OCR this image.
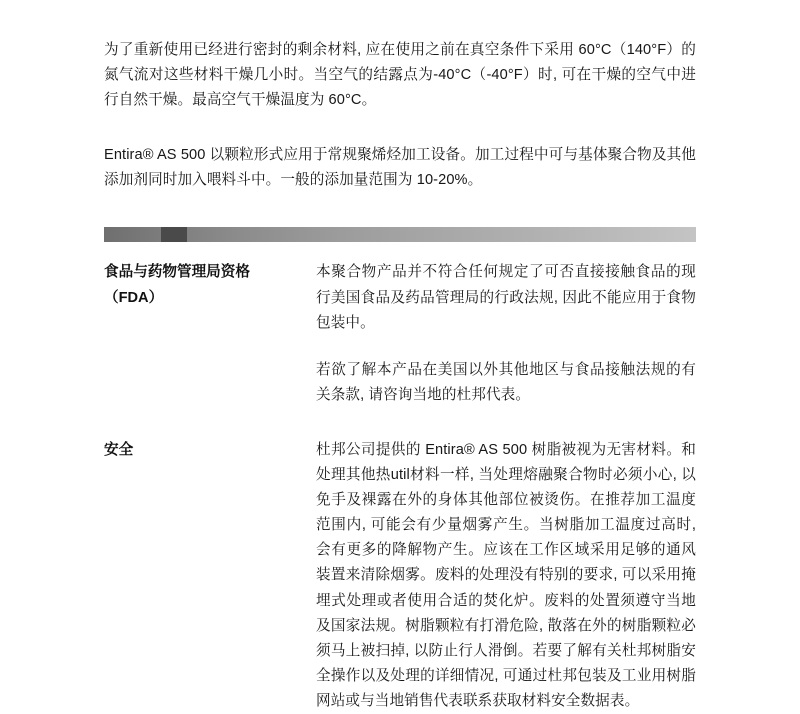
为了重新使用已经进行密封的剩余材料, 应在使用之前在真空条件下采用 60°C（140°F）的氮气流对这些材料干燥几小时。当空气的结露点为-40°C（-40°F）时, 可在干燥的空气中进行自然干燥。最高空气干燥温度为 60°C。

Entira® AS 500 以颗粒形式应用于常规聚烯烃加工设备。加工过程中可与基体聚合物及其他添加剂同时加入喂料斗中。一般的添加量范围为 10-20%。

食品与药物管理局资格
（FDA）

本聚合物产品并不符合任何规定了可否直接接触食品的现行美国食品及药品管理局的行政法规, 因此不能应用于食物包装中。

若欲了解本产品在美国以外其他地区与食品接触法规的有关条款, 请咨询当地的杜邦代表。

安全	杜邦公司提供的 Entira® AS 500 树脂被视为无害材料。和处理其他热util材料一样, 当处理熔融聚合物时必须小心, 以免手及裸露在外的身体其他部位被烫伤。在推荐加工温度范围内, 可能会有少量烟雾产生。当树脂加工温度过高时, 会有更多的降解物产生。应该在工作区域采用足够的通风装置来清除烟雾。废料的处理没有特别的要求, 可以采用掩埋式处理或者使用合适的焚化炉。废料的处置须遵守当地及国家法规。树脂颗粒有打滑危险, 散落在外的树脂颗粒必须马上被扫掉, 以防止行人滑倒。若要了解有关杜邦树脂安全操作以及处理的详细情况, 可通过杜邦包装及工业用树脂网站或与当地销售代表联系获取材料安全数据表。
